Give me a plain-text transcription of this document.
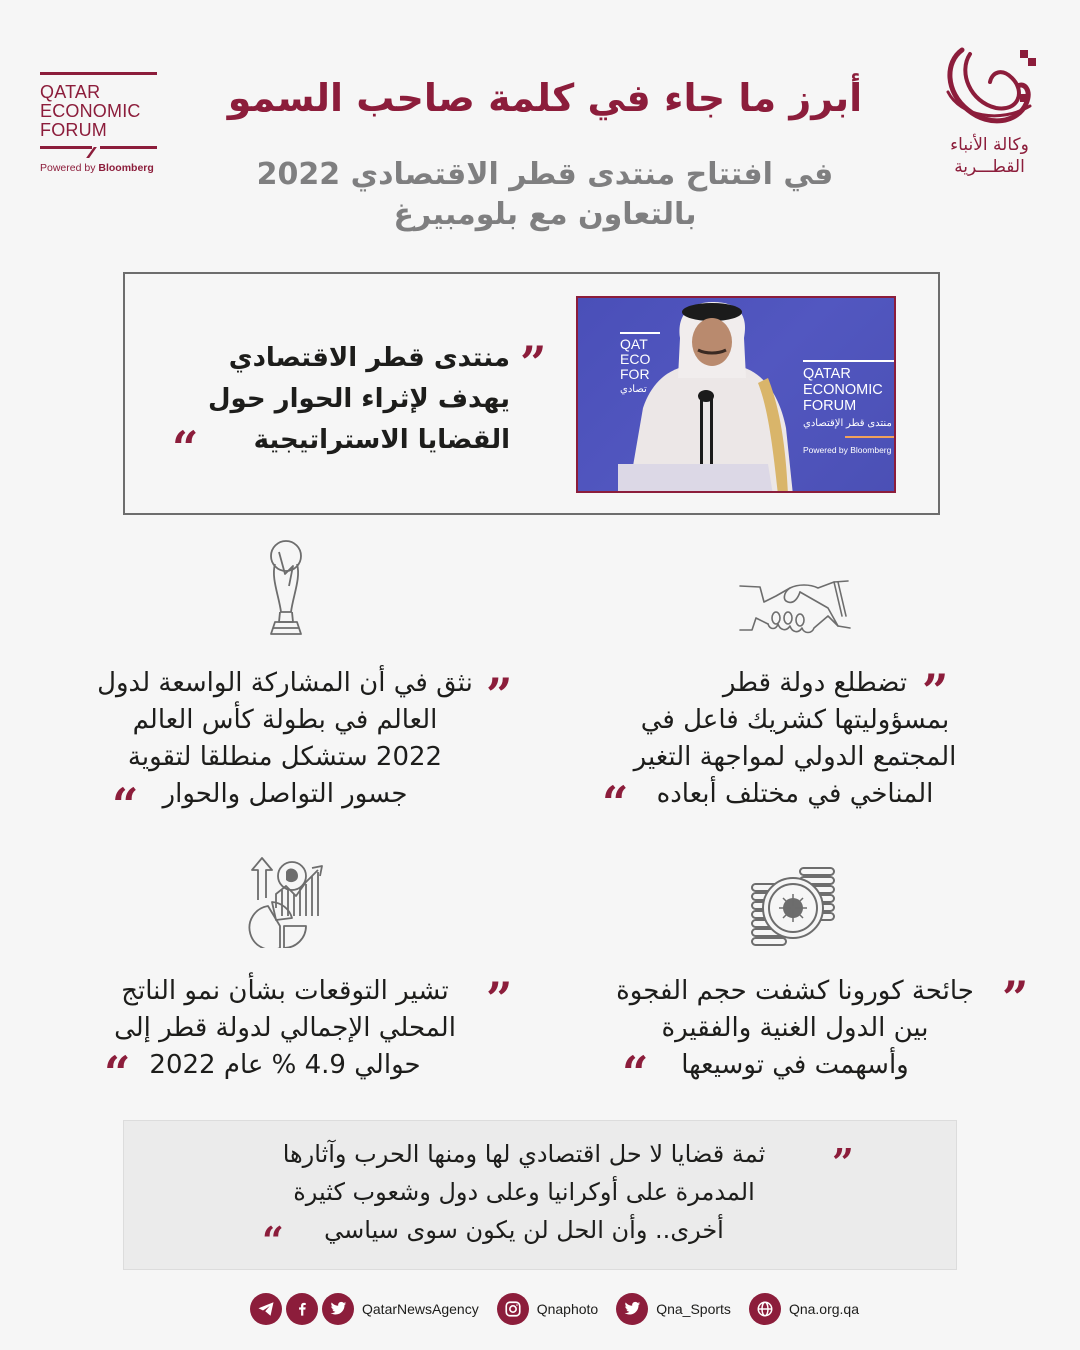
QATAR
ECONOMIC
FORUM
Powered by Bloomberg
وكالة الأنباء
القطـــرية
أبرز ما جاء في كلمة صاحب السمو
في افتتاح منتدى قطر الاقتصادي 2022
بالتعاون مع بلومبيرغ
QAT
ECO
FOR
تصادي
QATAR
ECONOMIC
FORUM
منتدى قطر الإقتصادي
Powered by Bloomberg
منتدى قطر الاقتصادي
يهدف لإثراء الحوار حول
القضايا الاستراتيجية
”
“
”
تضطلع دولة قطر
بمسؤوليتها كشريك فاعل في
المجتمع الدولي لمواجهة التغير
المناخي في مختلف أبعاده
“
”
نثق في أن المشاركة الواسعة لدول
العالم في بطولة كأس العالم
2022 ستشكل منطلقا لتقوية
جسور التواصل والحوار
“
”
جائحة كورونا كشفت حجم الفجوة
بين الدول الغنية والفقيرة
وأسهمت في توسيعها
“
”
تشير التوقعات بشأن نمو الناتج
المحلي الإجمالي لدولة قطر إلى
حوالي 4.9 % عام 2022
“
ثمة قضايا لا حل اقتصادي لها ومنها الحرب وآثارها
المدمرة على أوكرانيا وعلى دول وشعوب كثيرة
أخرى.. وأن الحل لن يكون سوى سياسي
”
“
QatarNewsAgency	Qnaphoto	Qna_Sports	Qna.org.qa
